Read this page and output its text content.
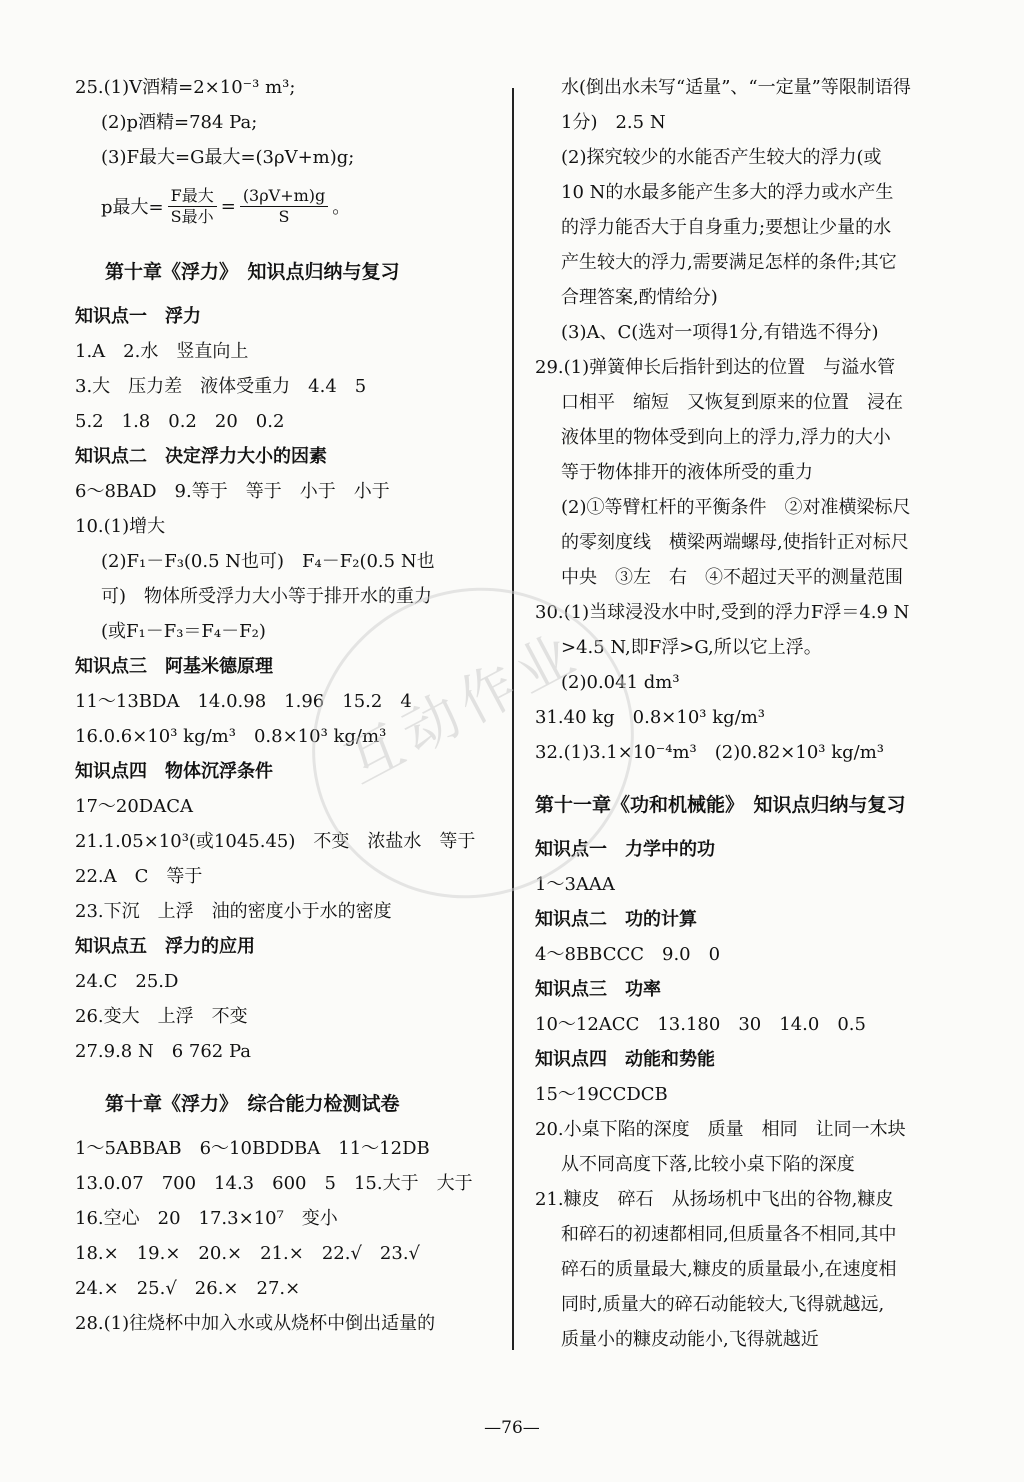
25.(1)V酒精=2×10⁻³ m³;
(2)p酒精=784 Pa;
(3)F最大=G最大=(3ρV+m)g;
p最大= $\frac{\text{F最大}}{\text{S最小}} = \frac{(3\rho V+m)g}{S}$ 。
第十章《浮力》　知识点归纳与复习
知识点一　浮力
1.A　2.水　竖直向上
3.大　压力差　液体受重力　4.4　5
5.2　1.8　0.2　20　0.2
知识点二　决定浮力大小的因素
6～8BAD　9.等于　等于　小于　小于
10.(1)增大
(2)F₁－F₃(0.5 N也可)　F₄－F₂(0.5 N也
可)　物体所受浮力大小等于排开水的重力
(或F₁－F₃＝F₄－F₂)
知识点三　阿基米德原理
11～13BDA　14.0.98　1.96　15.2　4
16.0.6×10³ kg/m³　0.8×10³ kg/m³
知识点四　物体沉浮条件
17～20DACA
21.1.05×10³(或1045.45)　不变　浓盐水　等于
22.A　C　等于
23.下沉　上浮　油的密度小于水的密度
知识点五　浮力的应用
24.C　25.D
26.变大　上浮　不变
27.9.8 N　6 762 Pa
第十章《浮力》　综合能力检测试卷
1～5ABBAB　6～10BDDBA　11～12DB
13.0.07　700　14.3　600　5　15.大于　大于
16.空心　20　17.3×10⁷　变小
18.×　19.×　20.×　21.×　22.√　23.√
24.×　25.√　26.×　27.×
28.(1)往烧杯中加入水或从烧杯中倒出适量的
水(倒出水未写“适量”、“一定量”等限制语得
1分)　2.5 N
(2)探究较少的水能否产生较大的浮力(或
10 N的水最多能产生多大的浮力或水产生
的浮力能否大于自身重力;要想让少量的水
产生较大的浮力,需要满足怎样的条件;其它
合理答案,酌情给分)
(3)A、C(选对一项得1分,有错选不得分)
29.(1)弹簧伸长后指针到达的位置　与溢水管
口相平　缩短　又恢复到原来的位置　浸在
液体里的物体受到向上的浮力,浮力的大小
等于物体排开的液体所受的重力
(2)①等臂杠杆的平衡条件　②对准横梁标尺
的零刻度线　横梁两端螺母,使指针正对标尺
中央　③左　右　④不超过天平的测量范围
30.(1)当球浸没水中时,受到的浮力F浮＝4.9 N
>4.5 N,即F浮>G,所以它上浮。
(2)0.041 dm³
31.40 kg　0.8×10³ kg/m³
32.(1)3.1×10⁻⁴m³　(2)0.82×10³ kg/m³
第十一章《功和机械能》　知识点归纳与复习
知识点一　力学中的功
1～3AAA
知识点二　功的计算
4～8BBCCC　9.0　0
知识点三　功率
10～12ACC　13.180　30　14.0　0.5
知识点四　动能和势能
15～19CCDCB
20.小桌下陷的深度　质量　相同　让同一木块
从不同高度下落,比较小桌下陷的深度
21.糠皮　碎石　从扬场机中飞出的谷物,糠皮
和碎石的初速都相同,但质量各不相同,其中
碎石的质量最大,糠皮的质量最小,在速度相
同时,质量大的碎石动能较大,飞得就越远,
质量小的糠皮动能小,飞得就越近
互动作业
—76—
